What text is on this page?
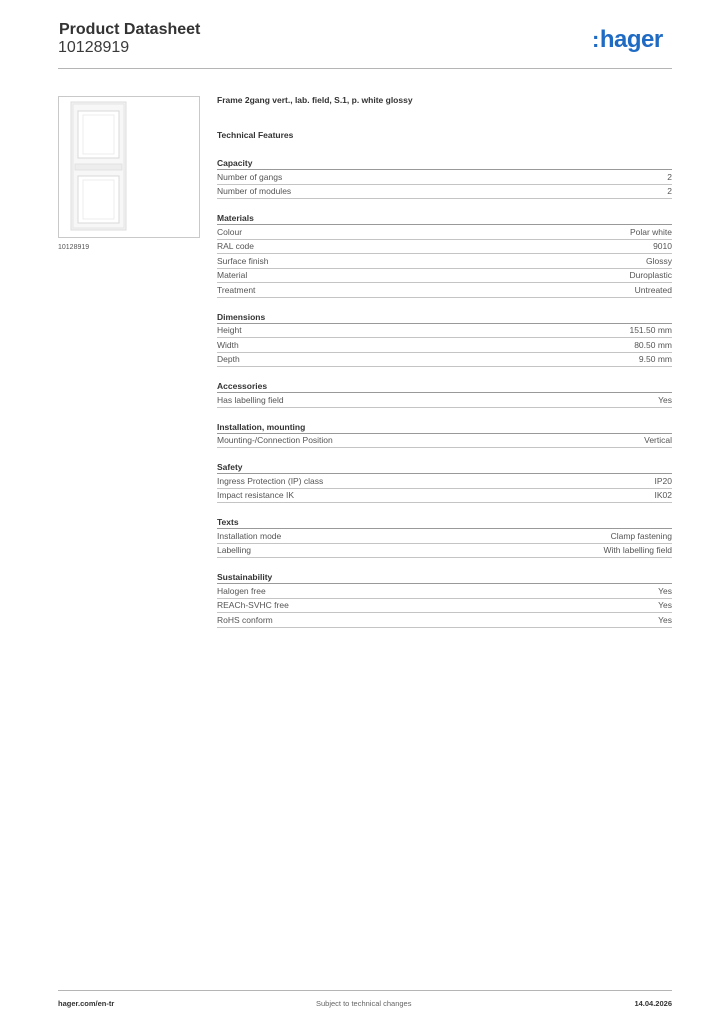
Product Datasheet
10128919	:hager
10128919
Frame 2gang vert., lab. field, S.1, p. white glossy
Technical Features
Capacity
Number of gangs	2
Number of modules	2
Materials
Colour	Polar white
RAL code	9010
Surface finish	Glossy
Material	Duroplastic
Treatment	Untreated
Dimensions
Height	151.50 mm
Width	80.50 mm
Depth	9.50 mm
Accessories
Has labelling field	Yes
Installation, mounting
Mounting-/Connection Position	Vertical
Safety
Ingress Protection (IP) class	IP20
Impact resistance IK	IK02
Texts
Installation mode	Clamp fastening
Labelling	With labelling field
Sustainability
Halogen free	Yes
REACh-SVHC free	Yes
RoHS conform	Yes
hager.com/en-tr	Subject to technical changes	14.04.2026
